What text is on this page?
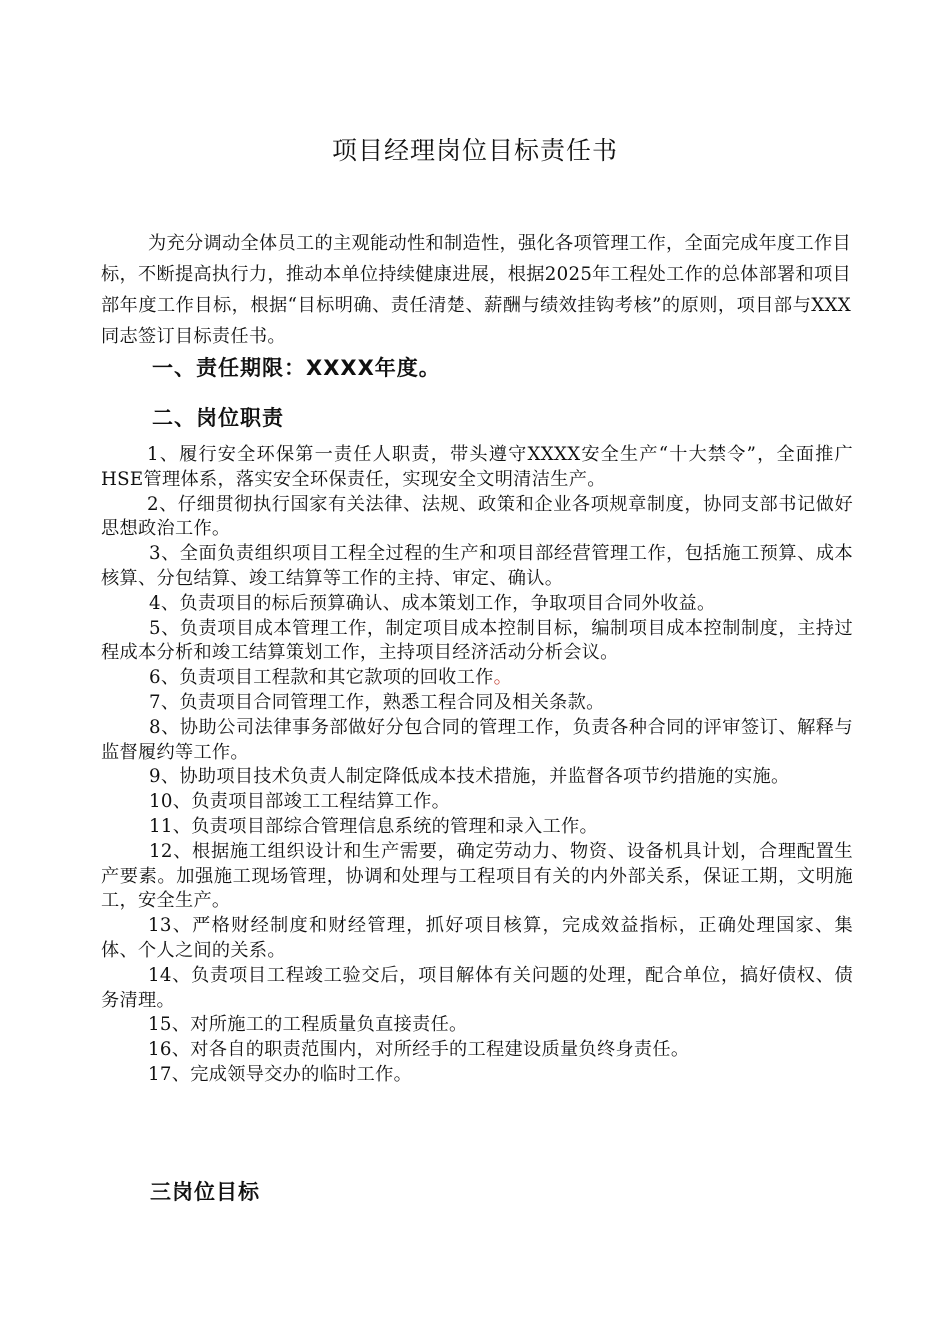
项目经理岗位目标责任书

为充分调动全体员工的主观能动性和制造性，强化各项管理工作，全面完成年度工作目标，不断提高执行力，推动本单位持续健康进展，根据2025年工程处工作的总体部署和项目部年度工作目标，根据“目标明确、责任清楚、薪酬与绩效挂钩考核”的原则，项目部与XXX同志签订目标责任书。

一、责任期限：XXXX年度。
二、岗位职责
1、履行安全环保第一责任人职责，带头遵守XXXX安全生产“十大禁令”，全面推广HSE管理体系，落实安全环保责任，实现安全文明清洁生产。
2、仔细贯彻执行国家有关法律、法规、政策和企业各项规章制度，协同支部书记做好思想政治工作。
3、全面负责组织项目工程全过程的生产和项目部经营管理工作，包括施工预算、成本核算、分包结算、竣工结算等工作的主持、审定、确认。
4、负责项目的标后预算确认、成本策划工作，争取项目合同外收益。
5、负责项目成本管理工作，制定项目成本控制目标，编制项目成本控制制度，主持过程成本分析和竣工结算策划工作，主持项目经济活动分析会议。
6、负责项目工程款和其它款项的回收工作。
7、负责项目合同管理工作，熟悉工程合同及相关条款。
8、协助公司法律事务部做好分包合同的管理工作，负责各种合同的评审签订、解释与监督履约等工作。
9、协助项目技术负责人制定降低成本技术措施，并监督各项节约措施的实施。
10、负责项目部竣工工程结算工作。
11、负责项目部综合管理信息系统的管理和录入工作。
12、根据施工组织设计和生产需要，确定劳动力、物资、设备机具计划，合理配置生产要素。加强施工现场管理，协调和处理与工程项目有关的内外部关系，保证工期，文明施工，安全生产。
13、严格财经制度和财经管理，抓好项目核算，完成效益指标，正确处理国家、集体、个人之间的关系。
14、负责项目工程竣工验交后，项目解体有关问题的处理，配合单位，搞好债权、债务清理。
15、对所施工的工程质量负直接责任。
16、对各自的职责范围内，对所经手的工程建设质量负终身责任。
17、完成领导交办的临时工作。
三岗位目标
